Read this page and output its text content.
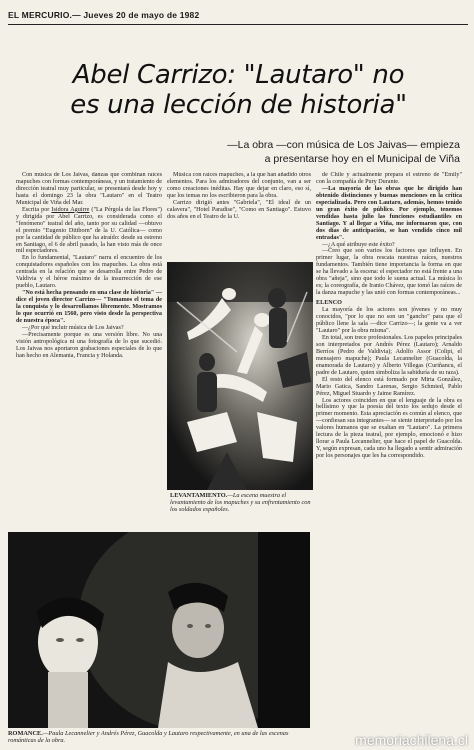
EL MERCURIO.— Jueves 20 de mayo de 1982
Abel Carrizo: "Lautaro" no
es una lección de historia"
—La obra —con música de Los Jaivas— empieza
a presentarse hoy en el Municipal de Viña

Con música de Los Jaivas, danzas que combinan raíces mapuches con formas contemporáneas, y un tratamiento de dirección teatral muy particular, se presentará desde hoy y hasta el domingo 23 la obra "Lautaro" en el Teatro Municipal de Viña del Mar.

Escrita por Isidora Aguirre ("La Pérgola de las Flores") y dirigida por Abel Carrizo, es considerada como el "fenómeno" teatral del año, tanto por su calidad —obtuvo el premio "Eugenio Dittborn" de la U. Católica— como por la cantidad de público que ha atraído: desde su estreno en Santiago, el 6 de abril pasado, la han visto más de once mil espectadores.

En lo fundamental, "Lautaro" narra el encuentro de los conquistadores españoles con los mapuches. La obra está centrada en la relación que se desarrolla entre Pedro de Valdivia y el héroe máximo de la insurrección de ese pueblo, Lautaro.

"No está hecha pensando en una clase de historia" —dice el joven director Carrizo— "Tomamos el tema de la conquista y lo desarrollamos libremente. Mostramos lo que ocurrió en 1560, pero visto desde la perspectiva de nuestra época".

—¿Por qué incluir música de Los Jaivas?

—Precisamente porque es una versión libre. No una visión antropológica ni una fotografía de lo que sucedió. Los Jaivas nos aportaron grabaciones especiales de lo que han hecho en Alemania, Francia y Holanda.

Música con raíces mapuches, a la que han añadido otros elementos. Para los admiradores del conjunto, van a ser como creaciones inéditas. Hay que dejar en claro, eso sí, que los temas no los escribieron para la obra.

Carrizo dirigió antes "Gabriela", "El ideal de un calavera", "Hotel Paradise", "Como en Santiago". Estuvo dos años en el Teatro de la U.

LEVANTAMIENTO.—La escena muestra el levantamiento de los mapuches y su enfrentamiento con los soldados españoles.

de Chile y actualmente prepara el estreno de "Emily" con la compañía de Pury Durante.

—La mayoría de las obras que he dirigido han obtenido distinciones y buenas menciones en la crítica especializada. Pero con Lautaro, además, hemos tenido un gran éxito de público. Por ejemplo, tenemos vendidas hasta julio las funciones estudiantiles en Santiago. Y al llegar a Viña, me informaron que, con dos días de anticipación, se han vendido cinco mil entradas".

—¿A qué atribuye este éxito?

—Creo que son varios los factores que influyen. En primer lugar, la obra rescata nuestras raíces, nuestros fundamentos. También tiene importancia la forma en que se ha llevado a la escena: el espectador no está frente a una obra "añeja", sino que todo le suena actual. La música lo es; la coreografía, de Iranio Chávez, que tomó las raíces de la danza mapuche y las unió con formas contemporáneas...

ELENCO

La mayoría de los actores son jóvenes y no muy conocidos, "por lo que no son un "gancho" para que el público llene la sala —dice Carrizo—; la gente va a ver "Lautaro" por la obra misma".

En total, son trece profesionales. Los papeles principales son interpretados por Andrés Pérez (Lautaro); Arnaldo Berríos (Pedro de Valdivia); Adolfo Assor (Colipi, el mensajero mapuche); Paula Lecannelier (Guacolda, la enamorada de Lautaro) y Alberto Villegas (Curiñancu, el padre de Lautaro, quien simboliza la sabiduría de su raza).

El resto del elenco está formado por Mirta González, Mario Gatica, Sandro Larenas, Sergio Schmied, Pablo Pérez, Miguel Stuardo y Jaime Ramírez.

Los actores coinciden en que el lenguaje de la obra es bellísimo y que la poesía del texto los sedujo desde el primer momento. Esta apreciación es común al elenco, que —confiesan sus integrantes— se siente interpretado por los valores humanos que se exaltan en "Lautaro". La primera lectura de la pieza teatral, por ejemplo, emocionó e hizo llorar a Paula Lecannelier, que hace el papel de Guacolda. Y, según expresan, cada uno ha llegado a sentir admiración por los personajes que les ha correspondido.

ROMANCE.—Paula Lecannelier y Andrés Pérez, Guacolda y Lautaro respectivamente, en una de las escenas románticas de la obra.	memoriachilena.cl
